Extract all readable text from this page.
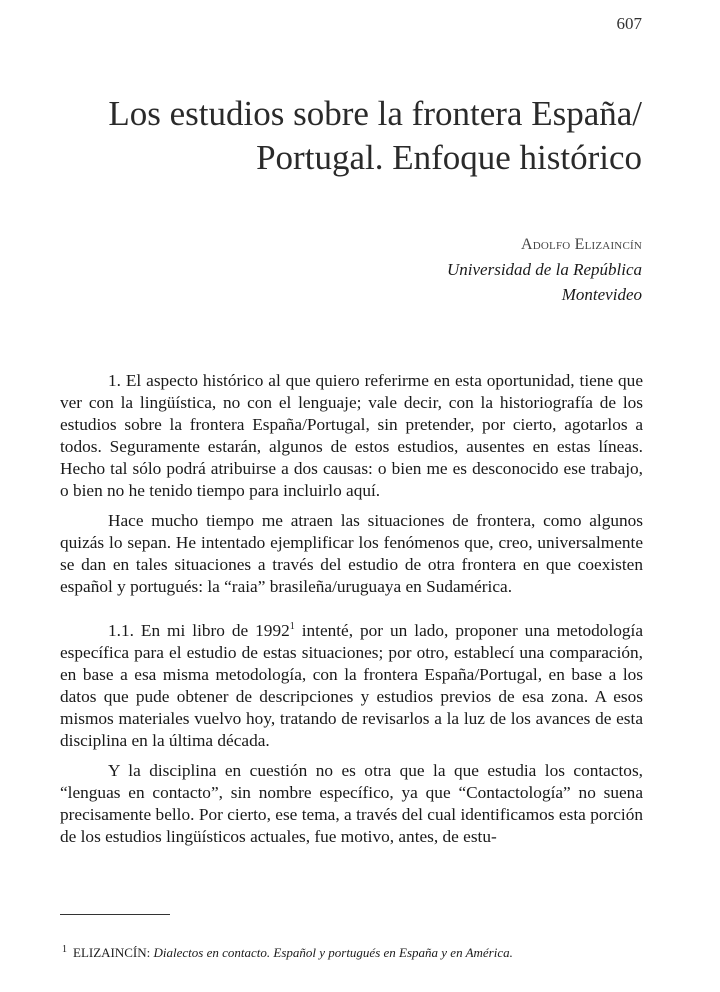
607
Los estudios sobre la frontera España/
Portugal. Enfoque histórico
Adolfo Elizaincín
Universidad de la República
Montevideo

1. El aspecto histórico al que quiero referirme en esta oportunidad, tiene que ver con la lingüística, no con el lenguaje; vale decir, con la historiografía de los estudios sobre la frontera España/Portugal, sin pretender, por cierto, agotarlos a todos. Seguramente estarán, algunos de estos estudios, ausentes en estas líneas. Hecho tal sólo podrá atribuirse a dos causas: o bien me es desconocido ese trabajo, o bien no he tenido tiempo para incluirlo aquí.

Hace mucho tiempo me atraen las situaciones de frontera, como algunos quizás lo sepan. He intentado ejemplificar los fenómenos que, creo, universalmente se dan en tales situaciones a través del estudio de otra frontera en que coexisten español y portugués: la “raia” brasileña/uruguaya en Sudamérica.

1.1. En mi libro de 1992$^1$ intenté, por un lado, proponer una metodología específica para el estudio de estas situaciones; por otro, establecí una comparación, en base a esa misma metodología, con la frontera España/Portugal, en base a los datos que pude obtener de descripciones y estudios previos de esa zona. A esos mismos materiales vuelvo hoy, tratando de revisarlos a la luz de los avances de esta disciplina en la última década.

Y la disciplina en cuestión no es otra que la que estudia los contactos, “lenguas en contacto”, sin nombre específico, ya que “Contactología” no suena precisamente bello. Por cierto, ese tema, a través del cual identificamos esta porción de los estudios lingüísticos actuales, fue motivo, antes, de estu-

$^1$ ELIZAINCÍN: Dialectos en contacto. Español y portugués en España y en América.
